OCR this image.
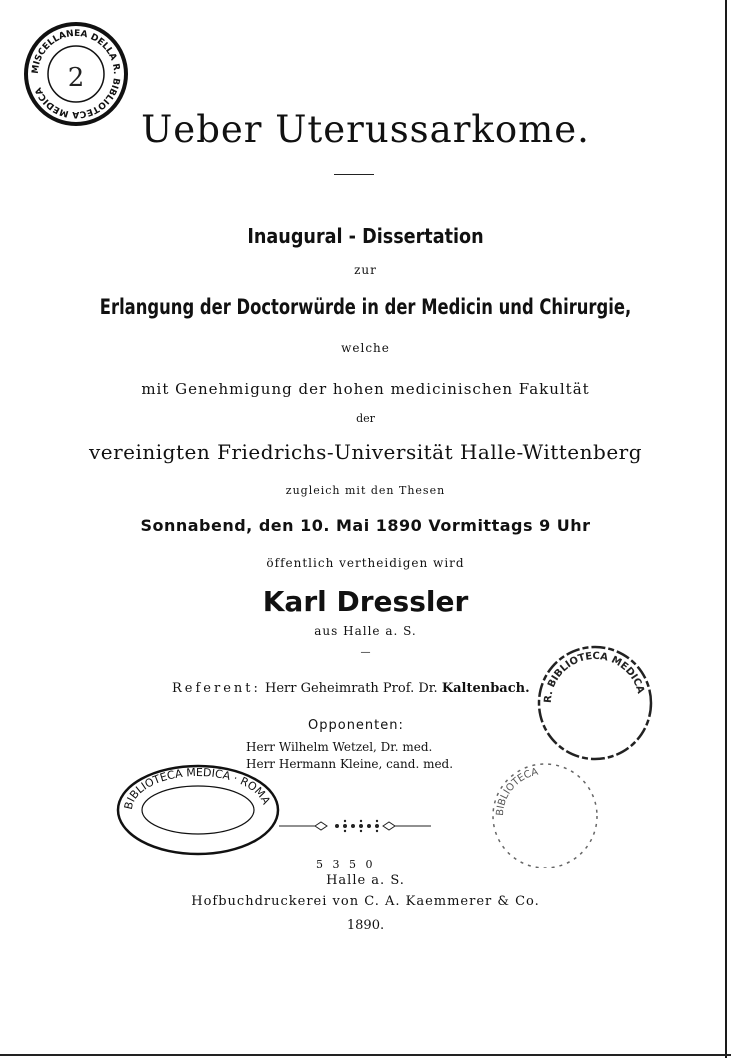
MISCELLANEA DELLA R. BIBLIOTECA MEDICA 2
Ueber Uterussarkome.
Inaugural - Dissertation
zur
Erlangung der Doctorwürde in der Medicin und Chirurgie,
welche
mit Genehmigung der hohen medicinischen Fakultät
der
vereinigten Friedrichs-Universität Halle-Wittenberg
zugleich mit den Thesen
Sonnabend, den 10. Mai 1890 Vormittags 9 Uhr
öffentlich vertheidigen wird
Karl Dressler
aus Halle a. S.
—
Referent: Herr Geheimrath Prof. Dr. Kaltenbach.
Opponenten:
Herr Wilhelm Wetzel, Dr. med.
Herr Hermann Kleine, cand. med.
R. BIBLIOTECA MEDICA
BIBLIOTECA
BIBLIOTECA MEDICA · ROMA
5 3 5 0
Halle a. S.
Hofbuchdruckerei von C. A. Kaemmerer & Co.
1890.
